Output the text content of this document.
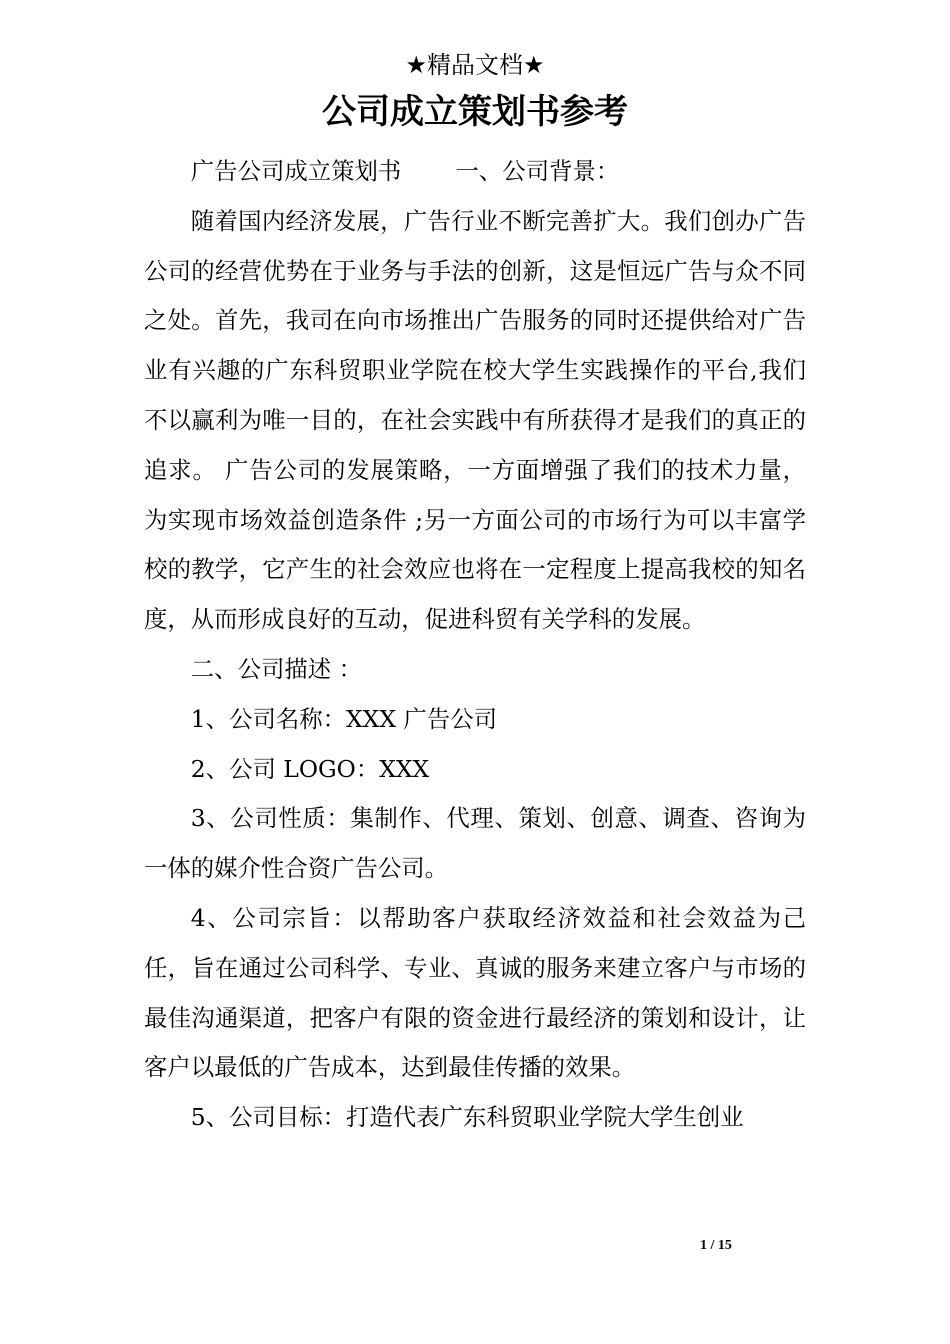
★精品文档★
公司成立策划书参考

广告公司成立策划书　　 一、公司背景：

随着国内经济发展，广告行业不断完善扩大。我们创办广告公司的经营优势在于业务与手法的创新，这是恒远广告与众不同之处。首先，我司在向市场推出广告服务的同时还提供给对广告业有兴趣的广东科贸职业学院在校大学生实践操作的平台,我们不以赢利为唯一目的，在社会实践中有所获得才是我们的真正的追求。 广告公司的发展策略，一方面增强了我们的技术力量，为实现市场效益创造条件 ;另一方面公司的市场行为可以丰富学校的教学，它产生的社会效应也将在一定程度上提高我校的知名度，从而形成良好的互动，促进科贸有关学科的发展。

二、公司描述 ：

1、公司名称：XXX 广告公司

2、公司 LOGO：XXX

3、公司性质：集制作、代理、策划、创意、调查、咨询为一体的媒介性合资广告公司。

4、公司宗旨：以帮助客户获取经济效益和社会效益为己任，旨在通过公司科学、专业、真诚的服务来建立客户与市场的最佳沟通渠道，把客户有限的资金进行最经济的策划和设计，让客户以最低的广告成本，达到最佳传播的效果。

5、公司目标：打造代表广东科贸职业学院大学生创业

1 / 15
